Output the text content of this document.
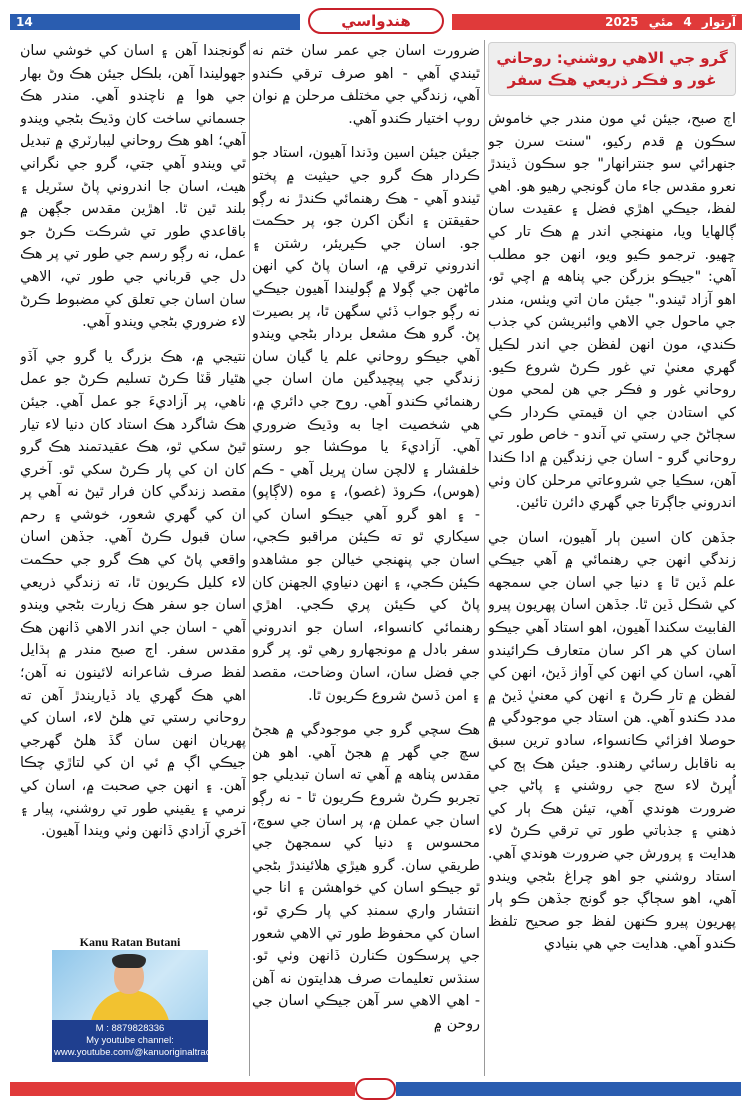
14	هندواسي	آرتوار 4 مئي 2025
گرو جي الاهي روشني: روحاني غور و فڪر ذريعي هڪ سفر

اڄ صبح، جيئن ئي مون مندر جي خاموش سڪون ۾ قدم رکيو، "سنت سرن جو جنهرائي سو جنترانهار" جو سڪون ڏيندڙ نعرو مقدس جاء مان گونجي رهيو هو. اهي لفظ، جيڪي اهڙي فضل ۽ عقيدت سان ڳالهايا ويا، منهنجي اندر ۾ هڪ تار کي ڇهيو. ترجمو ڪيو ويو، انهن جو مطلب آهي: "جيڪو بزرگن جي پناهه ۾ اچي ٿو، اهو آزاد ٿيندو." جيئن مان اتي ويٺس، مندر جي ماحول جي الاهي وائبريشن کي جذب ڪندي، مون انهن لفظن جي اندر لڪيل گهري معنيٰ تي غور ڪرڻ شروع ڪيو. روحاني غور و فڪر جي هن لمحي مون کي استادن جي ان قيمتي ڪردار ڪي سڄاڻڻ جي رستي تي آندو - خاص طور تي روحاني گرو - اسان جي زندگين ۾ ادا ڪندا آهن، سڪيا جي شروعاتي مرحلن کان وٺي اندروني جاڳرتا جي گهري دائرن تائين.

جڏهن کان اسين ٻار آهيون، اسان جي زندگي انهن جي رهنمائي ۾ آهي جيڪي علم ڏين ٿا ۽ دنيا جي اسان جي سمجهه کي شڪل ڏين ٿا. جڏهن اسان پهريون پيرو الفابيٽ سکندا آهيون، اهو استاد آهي جيڪو اسان کي هر اکر سان متعارف ڪرائيندو آهي، اسان کي انهن کي آواز ڏيڻ، انهن کي لفظن ۾ تار ڪرڻ ۽ انهن کي معنيٰ ڏيڻ ۾ مدد ڪندو آهي. هن استاد جي موجودگي ۾ حوصلا افزائي ڪانسواء، سادو ترين سبق به ناقابل رسائي رهندو. جيئن هڪ ٻج کي اُڀرڻ لاء سج جي روشني ۽ پاڻي جي ضرورت هوندي آهي، تيئن هڪ ٻار کي ذهني ۽ جذباتي طور تي ترقي ڪرڻ لاء هدايت ۽ پرورش جي ضرورت هوندي آهي. استاد روشني جو اهو چراغ بڻجي ويندو آهي، اهو سڄاڳ جو گونج جڏهن ڪو ٻار پهريون پيرو ڪنهن لفظ جو صحيح تلفظ ڪندو آهي. هدايت جي هي بنيادي

ضرورت اسان جي عمر سان ختم نه ٿيندي آهي - اهو صرف ترقي ڪندو آهي، زندگي جي مختلف مرحلن ۾ نوان روپ اختيار ڪندو آهي.

جيئن جيئن اسين وڌندا آهيون، استاد جو ڪردار هڪ گرو جي حيثيت ۾ پختو ٿيندو آهي - هڪ رهنمائي ڪندڙ نه رڳو حقيقتن ۽ انگن اکرن جو، پر حڪمت جو. اسان جي ڪيريئر، رشتن ۽ اندروني ترقي ۾، اسان پاڻ کي انهن ماڻهن جي ڳولا ۾ ڳوليندا آهيون جيڪي نه رڳو جواب ڏئي سگهن ٿا، پر بصيرت پڻ. گرو هڪ مشعل بردار بڻجي ويندو آهي جيڪو روحاني علم يا گيان سان زندگي جي پيچيدگين مان اسان جي رهنمائي ڪندو آهي. روح جي دائري ۾، هي شخصيت اڃا به وڌيڪ ضروري آهي. آزاديءَ يا موڪشا جو رستو خلفشار ۽ لالچن سان ڀريل آهي - ڪم (هوس)، ڪروڌ (غصو)، ۽ موه (لاڳاپو) - ۽ اهو گرو آهي جيڪو اسان کي سيکاري ٿو ته ڪيئن مراقبو ڪجي، اسان جي پنهنجي خيالن جو مشاهدو ڪيئن ڪجي، ۽ انهن دنياوي الجهنن کان پاڻ کي ڪيئن پري ڪجي. اهڙي رهنمائي کانسواء، اسان جو اندروني سفر بادل ۾ مونجهارو رهي ٿو. پر گرو جي فضل سان، اسان وضاحت، مقصد ۽ امن ڏسڻ شروع ڪريون ٿا.

هڪ سچي گرو جي موجودگي ۾ هجڻ سچ جي گهر ۾ هجڻ آهي. اهو هن مقدس پناهه ۾ آهي ته اسان تبديلي جو تجربو ڪرڻ شروع ڪريون ٿا - نه رڳو اسان جي عملن ۾، پر اسان جي سوچ، محسوس ۽ دنيا کي سمجهڻ جي طريقي سان. گرو هيڙي هلائيندڙ بڻجي ٿو جيڪو اسان کي خواهشن ۽ انا جي انتشار واري سمنڊ کي پار ڪري ٿو، اسان کي محفوظ طور تي الاهي شعور جي پرسڪون ڪنارن ڏانهن وٺي ٿو. سنڌس تعليمات صرف هدايتون نه آهن - اهي الاهي سر آهن جيڪي اسان جي روحن ۾

گونجندا آهن ۽ اسان کي خوشي سان جهوليندا آهن، بلڪل جيئن هڪ وڻ بهار جي هوا ۾ ناچندو آهي. مندر هڪ جسماني ساخت کان وڌيڪ بڻجي ويندو آهي؛ اهو هڪ روحاني ليبارٽري ۾ تبديل ٿي ويندو آهي جتي، گرو جي نگراني هيٺ، اسان جا اندروني پاڻ سٽريل ۽ بلند ٿين ٿا. اهڙين مقدس جڳهن ۾ باقاعدي طور تي شرڪت ڪرڻ جو عمل، نه رڳو رسم جي طور تي پر هڪ دل جي قرباني جي طور تي، الاهي سان اسان جي تعلق کي مضبوط ڪرڻ لاء ضروري بڻجي ويندو آهي.

نتيجي ۾، هڪ بزرگ يا گرو جي آڏو هٿيار ڦٽا ڪرڻ تسليم ڪرڻ جو عمل ناهي، پر آزاديءَ جو عمل آهي. جيئن هڪ شاگرد هڪ استاد کان دنيا لاء تيار ٿيڻ سکي ٿو، هڪ عقيدتمند هڪ گرو کان ان کي پار ڪرڻ سکي ٿو. آخري مقصد زندگي کان فرار ٿيڻ نه آهي پر ان کي گهري شعور، خوشي ۽ رحم سان قبول ڪرڻ آهي. جڏهن اسان واقعي پاڻ کي هڪ گرو جي حڪمت لاء کليل ڪريون ٿا، ته زندگي ذريعي اسان جو سفر هڪ زيارت بڻجي ويندو آهي - اسان جي اندر الاهي ڏانهن هڪ مقدس سفر. اڄ صبح مندر ۾ ٻڌايل لفظ صرف شاعرانه لائينون نه آهن؛ اهي هڪ گهري ياد ڏياريندڙ آهن ته روحاني رستي تي هلڻ لاء، اسان کي پهريان انهن سان گڏ هلڻ گهرجي جيڪي اڳ ۾ ئي ان کي لتاڙي چڪا آهن. ۽ انهن جي صحبت ۾، اسان کي نرمي ۽ يقيني طور تي روشني، پيار ۽ آخري آزادي ڏانهن وٺي ويندا آهيون.

Kanu Ratan Butani
M : 8879828336
My youtube channel:
www.youtube.com/@kanuoriginaltracks
